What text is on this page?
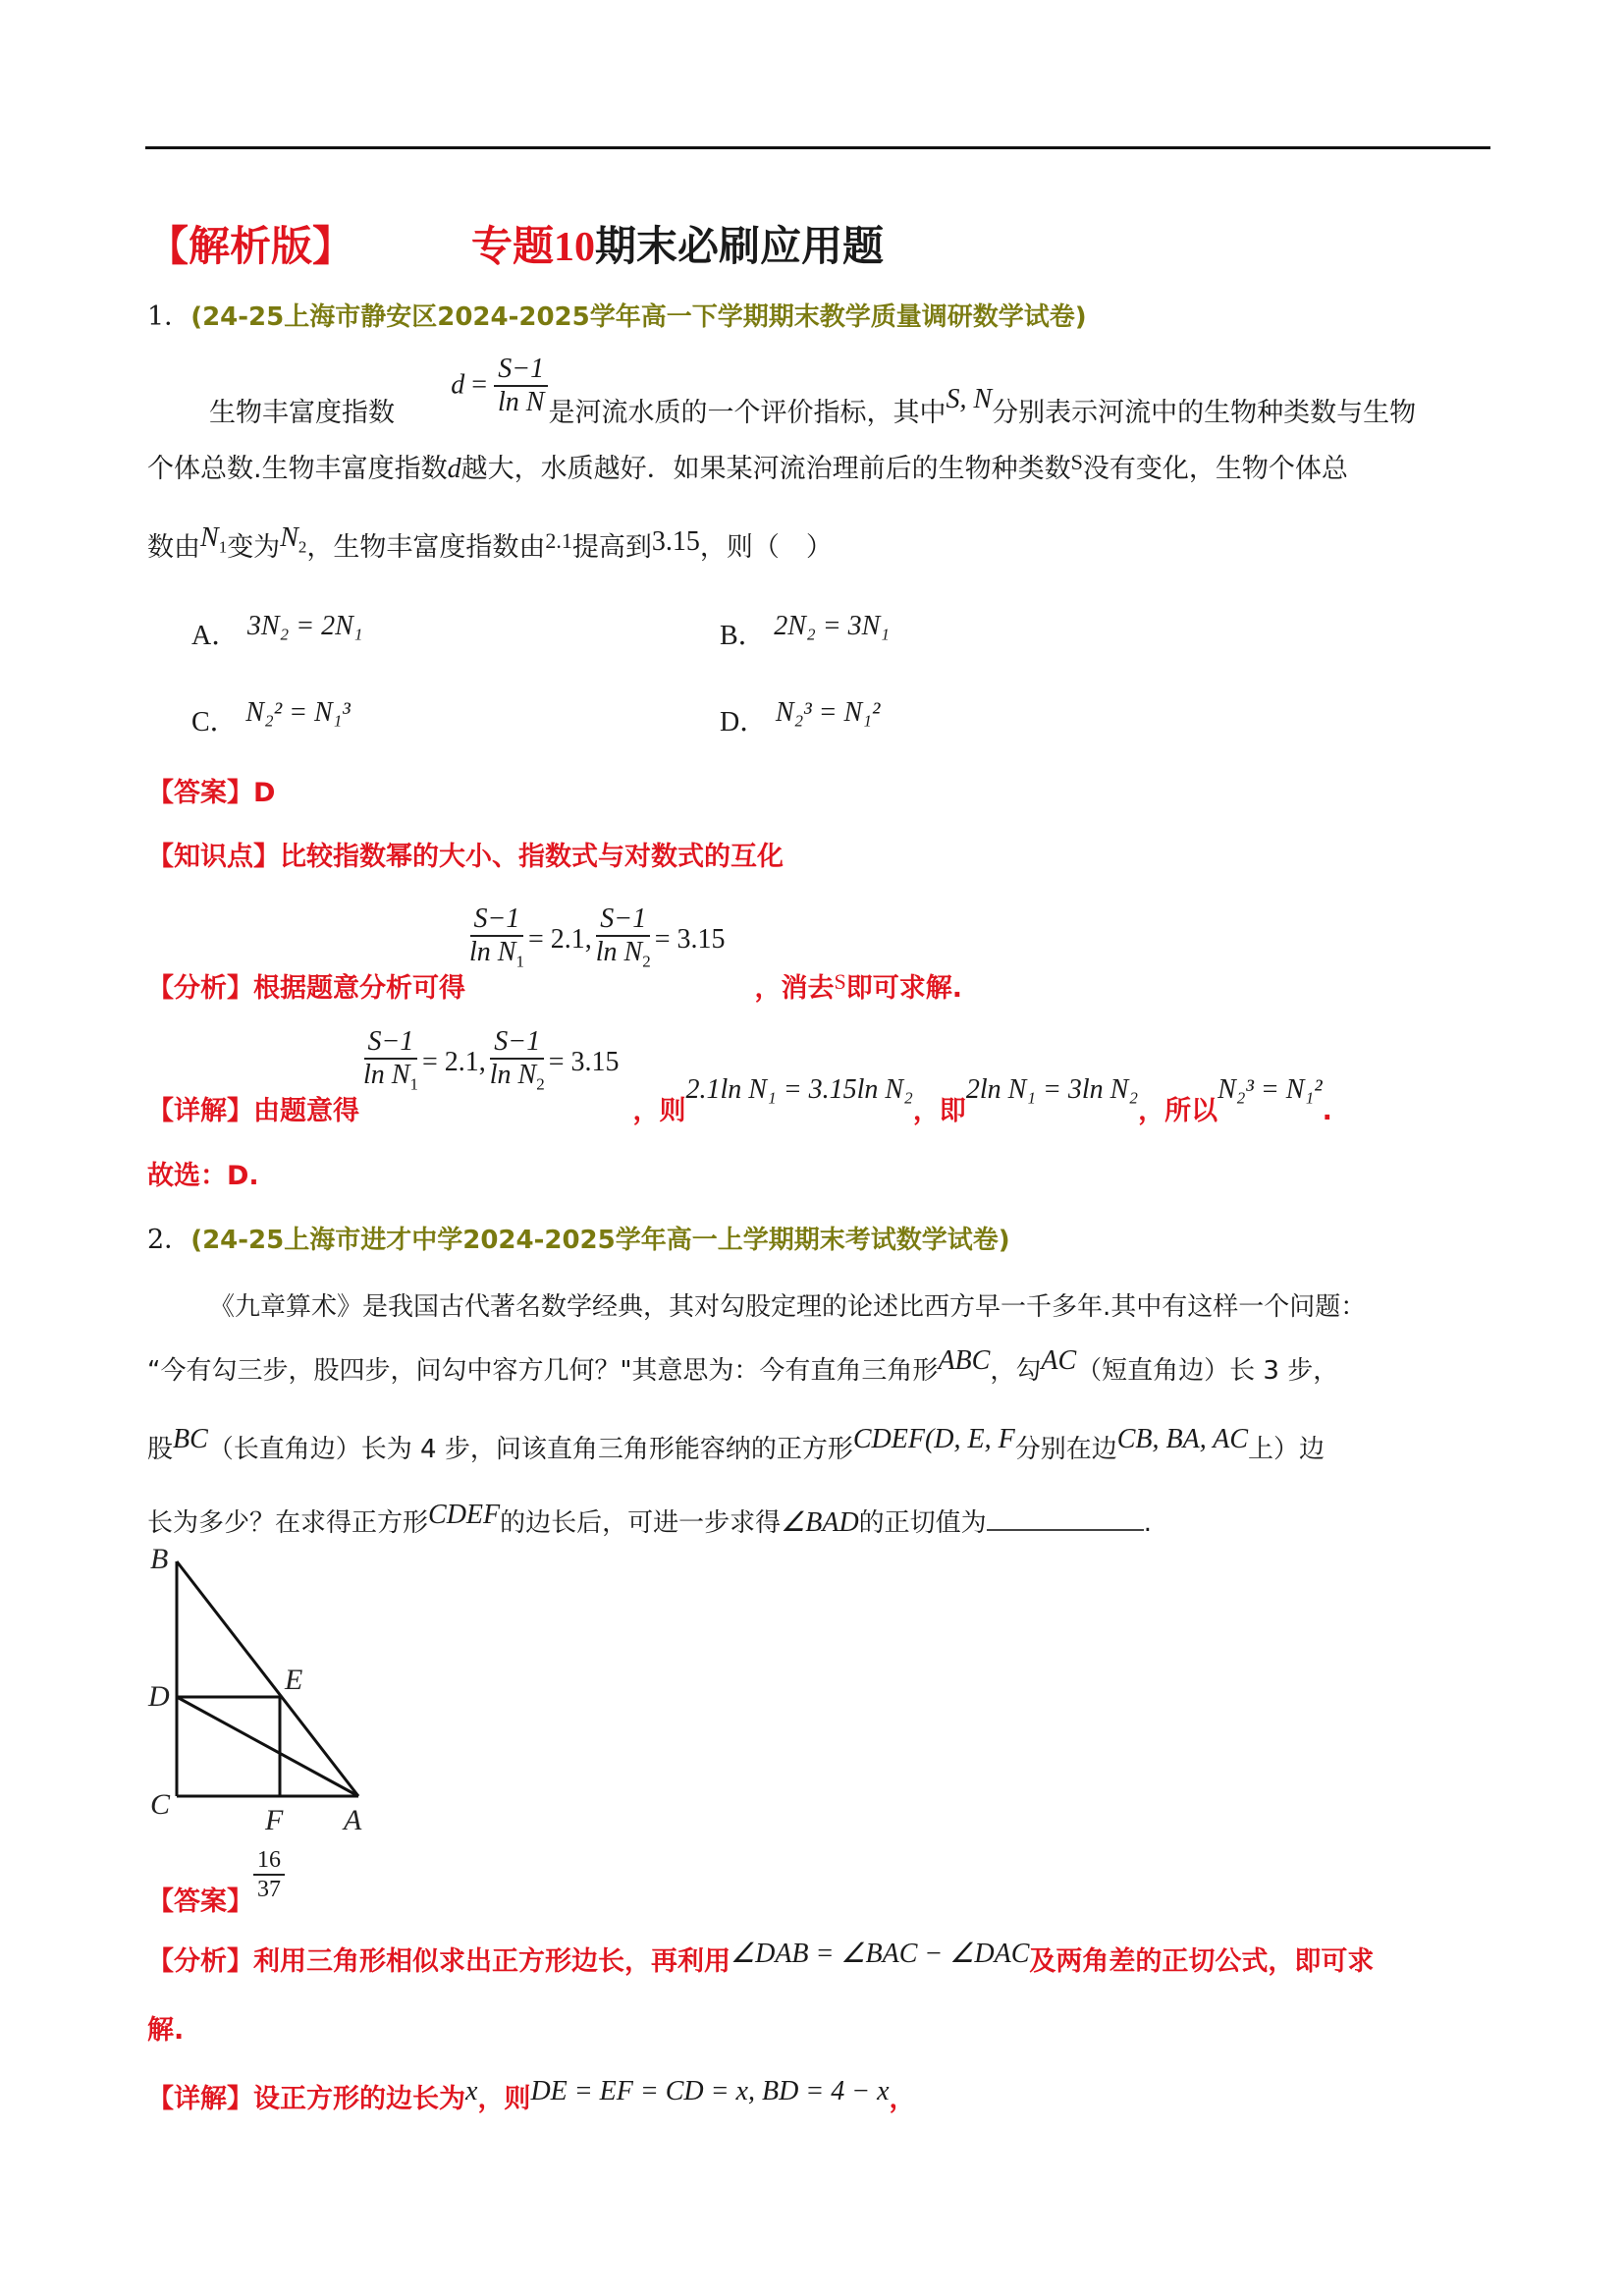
【解析版】	专题10期末必刷应用题
1．(24-25上海市静安区2024-2025学年高一下学期期末教学质量调研数学试卷)
生物丰富度指数  $d = \frac{S-1}{\text{ln N}}$ 是河流水质的一个评价指标，其中S, N分别表示河流中的生物种类数与生物
个体总数.生物丰富度指数d越大，水质越好．如果某河流治理前后的生物种类数$^S$没有变化，生物个体总
数由$N_1$变为$N_2$，生物丰富度指数由$^{2.1}$提高到3.15，则（　）
A． 3N₂ = 2N₁	B． 2N₂ = 3N₁
C． N₂² = N₁³	D． N₂³ = N₁²
【答案】D
【知识点】比较指数幂的大小、指数式与对数式的互化
【分析】根据题意分析可得
$\frac{S-1}{\ln N_1} = 2.1$, $\frac{S-1}{\ln N_2} = 3.15$，消去$_S$即可求解.
【详解】由题意得
$\frac{S-1}{\ln N_1} = 2.1$, $\frac{S-1}{\ln N_2} = 3.15$，则2.1ln N₁ = 3.15ln N₂，即2ln N₁ = 3ln N₂，所以N₂³ = N₁².
故选：D.
2．(24-25上海市进才中学2024-2025学年高一上学期期末考试数学试卷)
《九章算术》是我国古代著名数学经典，其对勾股定理的论述比西方早一千多年.其中有这样一个问题：
“今有勾三步，股四步，问勾中容方几何？"其意思为：今有直角三角形ABC，勾AC（短直角边）长 3 步，
股BC（长直角边）长为 4 步，问该直角三角形能容纳的正方形CDEF(D, E, F分别在边CB, BA, AC上）边
长为多少？在求得正方形CDEF的边长后，可进一步求得∠BAD的正切值为	.
B
D
E
C	F A
【答案】 $\frac{16}{37}$
【分析】利用三角形相似求出正方形边长，再利用∠DAB = ∠BAC − ∠DAC及两角差的正切公式，即可求
解.
【详解】设正方形的边长为x，则DE = EF = CD = x, BD = 4 − x，
